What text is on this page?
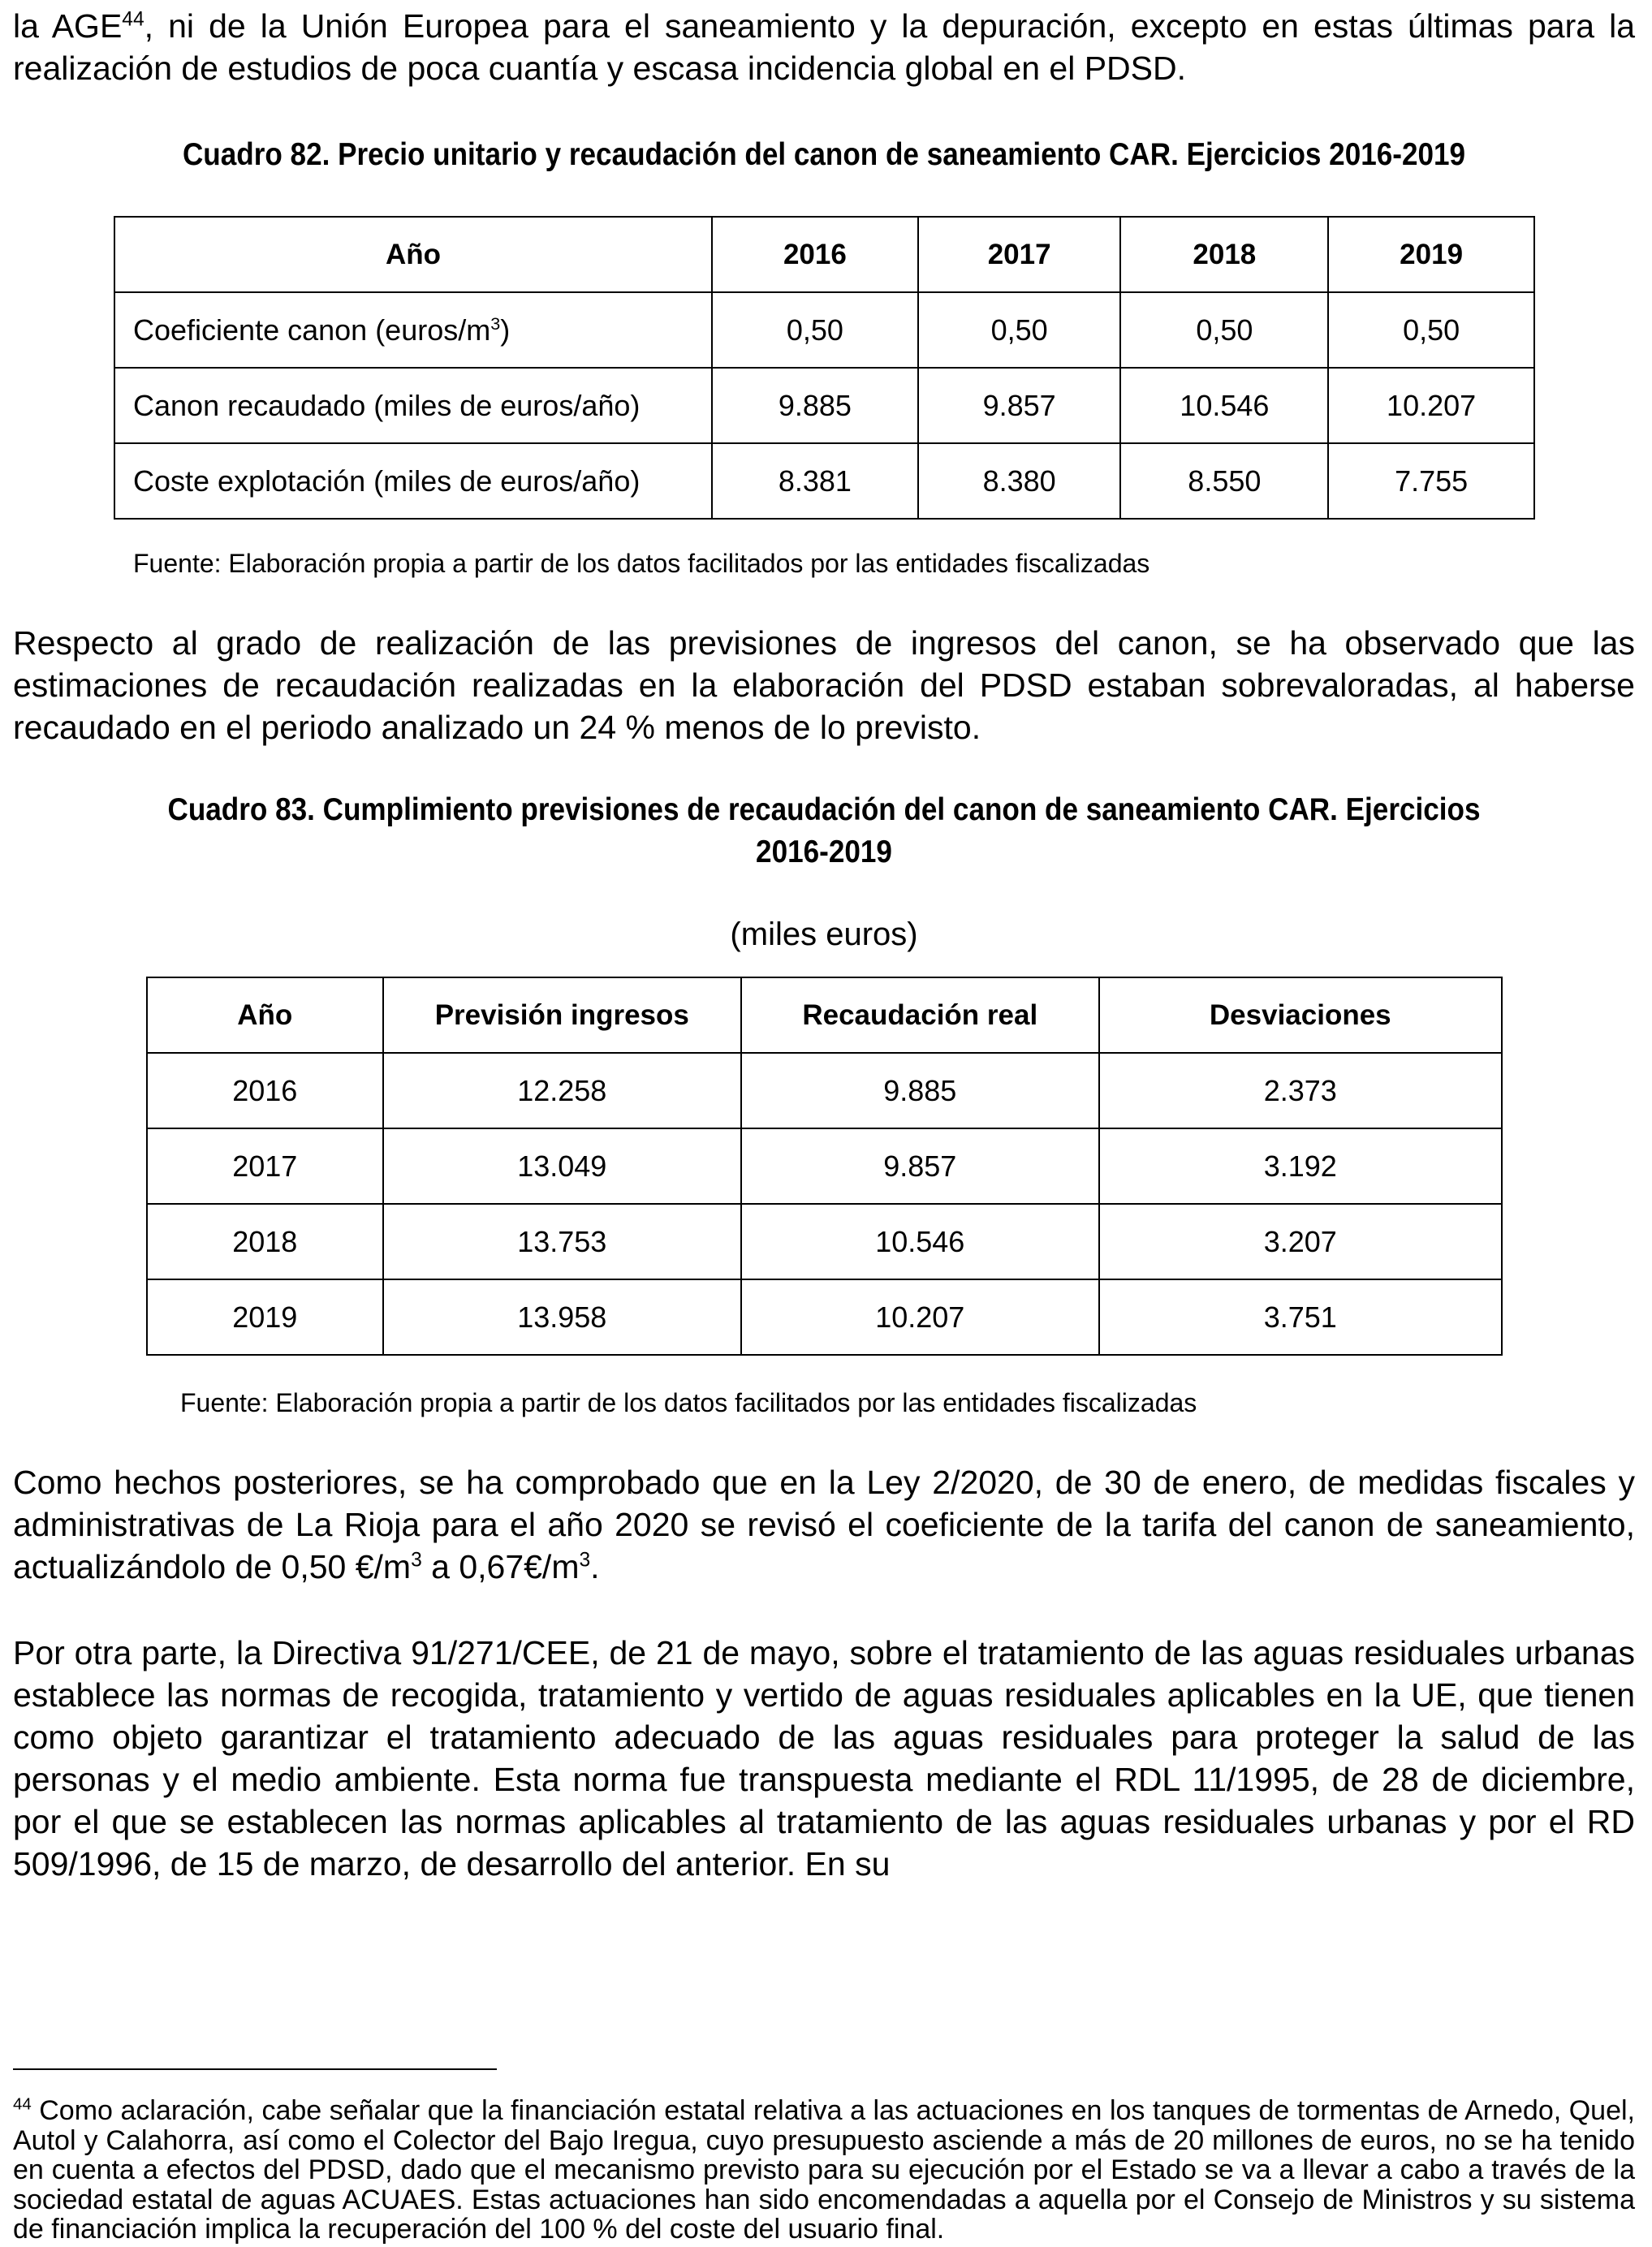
la AGE$^{44}$, ni de la Unión Europea para el saneamiento y la depuración, excepto en estas últimas para la realización de estudios de poca cuantía y escasa incidencia global en el PDSD.

Cuadro 82. Precio unitario y recaudación del canon de saneamiento CAR. Ejercicios 2016-2019
Año	2016	2017	2018	2019
Coeficiente canon $(euros/m^3)$	0,50	0,50	0,50	0,50
Canon recaudado (miles de euros/año)	9.885	9.857	10.546	10.207
Coste explotación (miles de euros/año)	8.381	8.380	8.550	7.755
Fuente: Elaboración propia a partir de los datos facilitados por las entidades fiscalizadas

Respecto al grado de realización de las previsiones de ingresos del canon, se ha observado que las estimaciones de recaudación realizadas en la elaboración del PDSD estaban sobrevaloradas, al haberse recaudado en el periodo analizado un 24 % menos de lo previsto.

Cuadro 83. Cumplimiento previsiones de recaudación del canon de saneamiento CAR. Ejercicios
2016-2019
(miles euros)
Año	Previsión ingresos	Recaudación real	Desviaciones
2016	12.258	9.885	2.373
2017	13.049	9.857	3.192
2018	13.753	10.546	3.207
2019	13.958	10.207	3.751
Fuente: Elaboración propia a partir de los datos facilitados por las entidades fiscalizadas

Como hechos posteriores, se ha comprobado que en la Ley 2/2020, de 30 de enero, de medidas fiscales y administrativas de La Rioja para el año 2020 se revisó el coeficiente de la tarifa del canon de saneamiento, actualizándolo de 0,50 $€/m^3$ a $0,67€/m^3$.

Por otra parte, la Directiva 91/271/CEE, de 21 de mayo, sobre el tratamiento de las aguas residuales urbanas establece las normas de recogida, tratamiento y vertido de aguas residuales aplicables en la UE, que tienen como objeto garantizar el tratamiento adecuado de las aguas residuales para proteger la salud de las personas y el medio ambiente. Esta norma fue transpuesta mediante el RDL 11/1995, de 28 de diciembre, por el que se establecen las normas aplicables al tratamiento de las aguas residuales urbanas y por el RD 509/1996, de 15 de marzo, de desarrollo del anterior. En su

$^{44}$ Como aclaración, cabe señalar que la financiación estatal relativa a las actuaciones en los tanques de tormentas de Arnedo, Quel, Autol y Calahorra, así como el Colector del Bajo Iregua, cuyo presupuesto asciende a más de 20 millones de euros, no se ha tenido en cuenta a efectos del PDSD, dado que el mecanismo previsto para su ejecución por el Estado se va a llevar a cabo a través de la sociedad estatal de aguas ACUAES. Estas actuaciones han sido encomendadas a aquella por el Consejo de Ministros y su sistema de financiación implica la recuperación del 100 % del coste del usuario final.
